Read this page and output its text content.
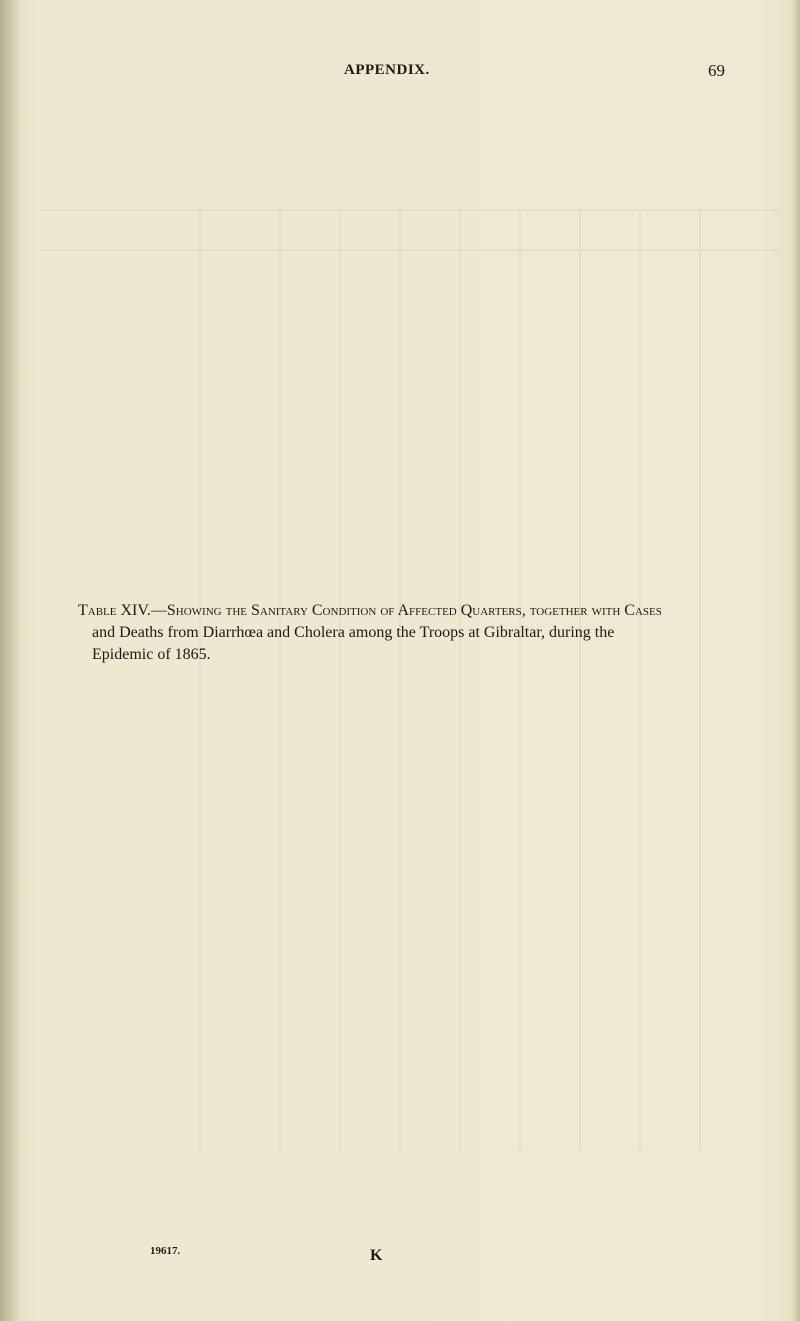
APPENDIX.	69

Table XIV.—Showing the Sanitary Condition of Affected Quarters, together with Cases

and Deaths from Diarrhœa and Cholera among the Troops at Gibraltar, during the

Epidemic of 1865.

19617.	K
